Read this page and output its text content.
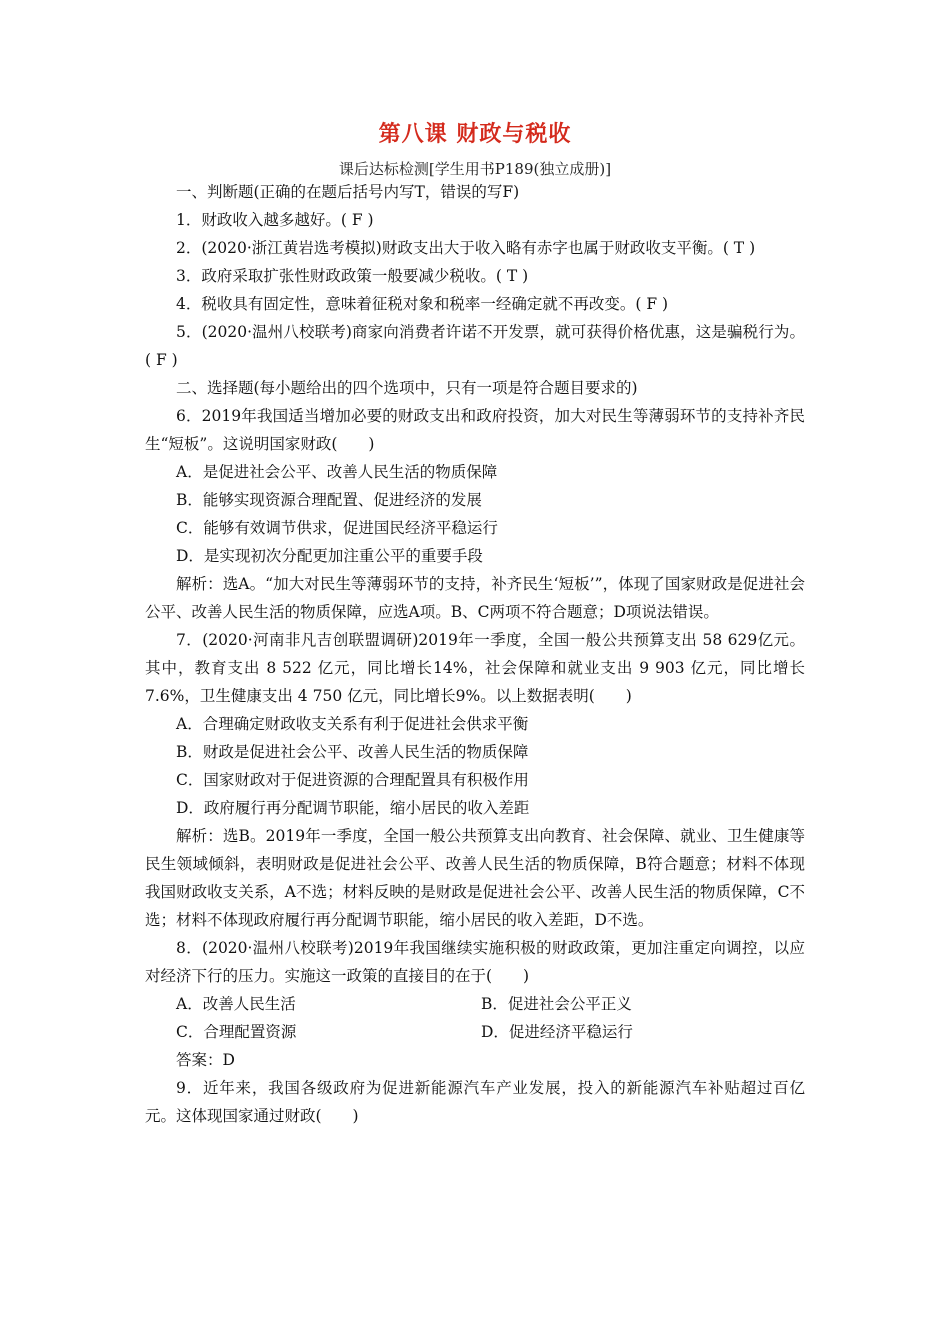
第八课 财政与税收
课后达标检测[学生用书P189(独立成册)]

一、判断题(正确的在题后括号内写T，错误的写F)

1．财政收入越多越好。( F )

2．(2020·浙江黄岩选考模拟)财政支出大于收入略有赤字也属于财政收支平衡。( T )

3．政府采取扩张性财政政策一般要减少税收。( T )

4．税收具有固定性，意味着征税对象和税率一经确定就不再改变。( F )

5．(2020·温州八校联考)商家向消费者许诺不开发票，就可获得价格优惠，这是骗税行为。( F )

二、选择题(每小题给出的四个选项中，只有一项是符合题目要求的)

6．2019年我国适当增加必要的财政支出和政府投资，加大对民生等薄弱环节的支持补齐民生“短板”。这说明国家财政(　　)

A．是促进社会公平、改善人民生活的物质保障

B．能够实现资源合理配置、促进经济的发展

C．能够有效调节供求，促进国民经济平稳运行

D．是实现初次分配更加注重公平的重要手段

解析：选A。“加大对民生等薄弱环节的支持，补齐民生‘短板’”，体现了国家财政是促进社会公平、改善人民生活的物质保障，应选A项。B、C两项不符合题意；D项说法错误。

7．(2020·河南非凡吉创联盟调研)2019年一季度，全国一般公共预算支出 58 629亿元。其中，教育支出 8 522 亿元，同比增长14%，社会保障和就业支出 9 903 亿元，同比增长7.6%，卫生健康支出 4 750 亿元，同比增长9%。以上数据表明(　　)

A．合理确定财政收支关系有利于促进社会供求平衡

B．财政是促进社会公平、改善人民生活的物质保障

C．国家财政对于促进资源的合理配置具有积极作用

D．政府履行再分配调节职能，缩小居民的收入差距

解析：选B。2019年一季度，全国一般公共预算支出向教育、社会保障、就业、卫生健康等民生领域倾斜，表明财政是促进社会公平、改善人民生活的物质保障，B符合题意；材料不体现我国财政收支关系，A不选；材料反映的是财政是促进社会公平、改善人民生活的物质保障，C不选；材料不体现政府履行再分配调节职能，缩小居民的收入差距，D不选。

8．(2020·温州八校联考)2019年我国继续实施积极的财政政策，更加注重定向调控，以应对经济下行的压力。实施这一政策的直接目的在于(　　)

A．改善人民生活	B．促进社会公平正义
C．合理配置资源	D．促进经济平稳运行

答案：D

9．近年来，我国各级政府为促进新能源汽车产业发展，投入的新能源汽车补贴超过百亿元。这体现国家通过财政(　　)
